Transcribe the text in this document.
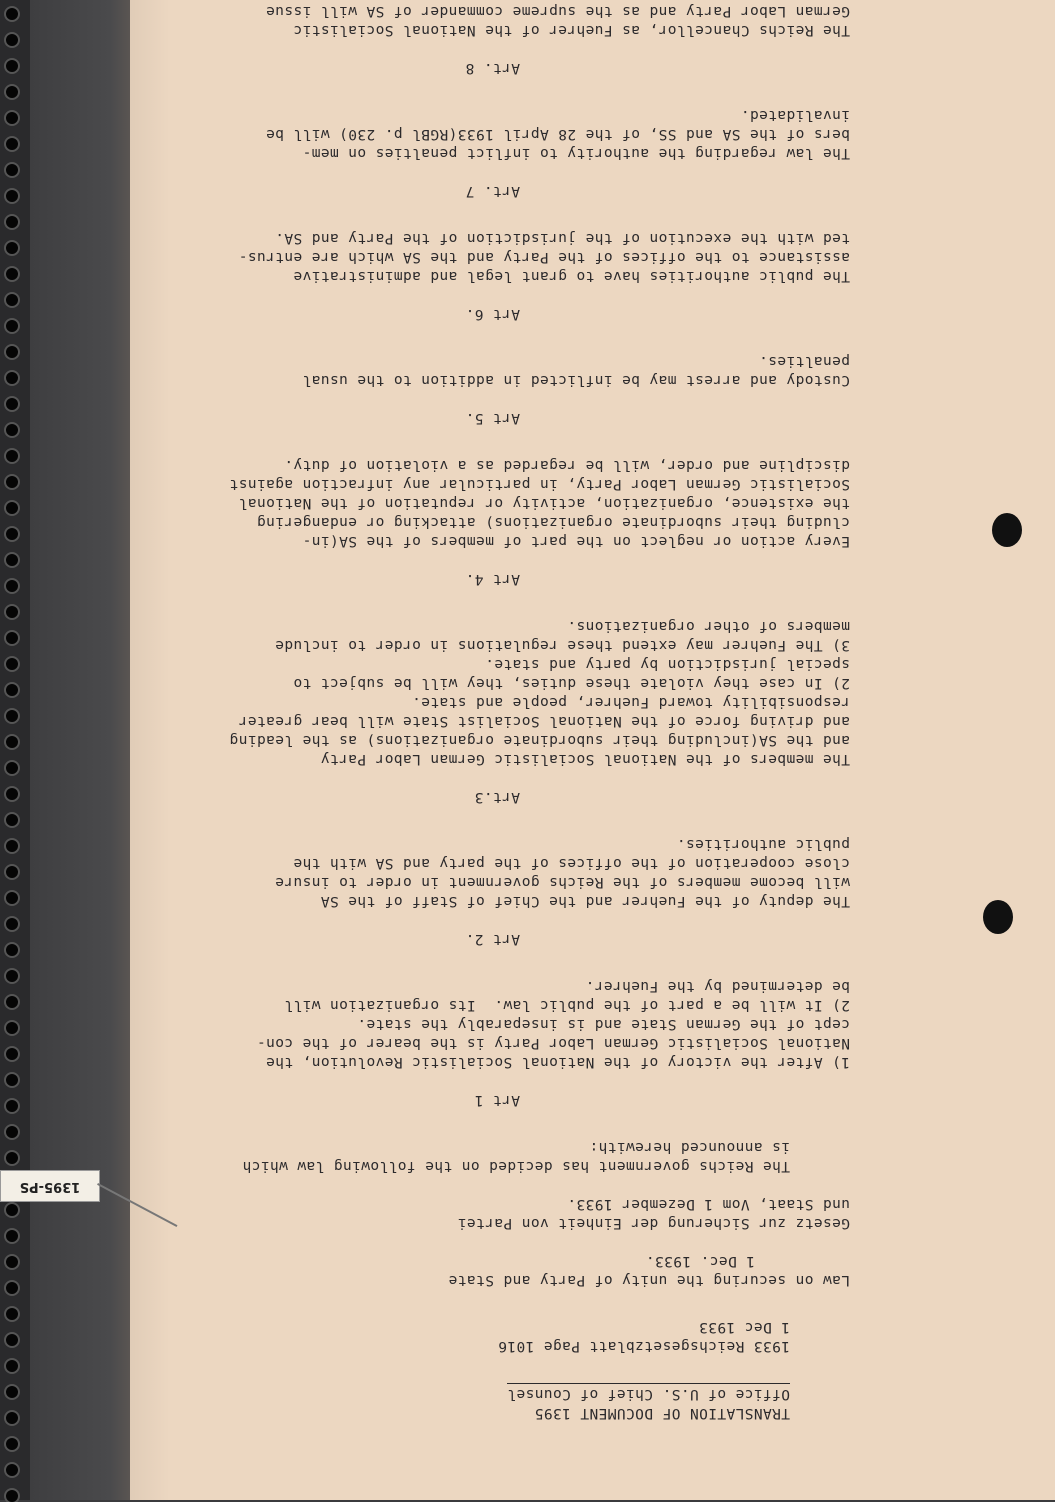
TRANSLATION OF DOCUMENT 1395

Office of U.S. Chief of Counsel

1933 Reichsgesetzblatt Page 1016

1 Dec 1933

Law on securing the unity of Party and State

1 Dec. 1933.

Gesetz zur Sicherung der Einheit von Partei

und Staat, Vom 1 Dezember 1933.

The Reichs government has decided on the following law which

is announced herewith:

Art 1

1) After the victory of the National Socialistic Revolution, the

National Socialistic German Labor Party is the bearer of the con-

cept of the German State and is inseparably the state.

2) It will be a part of the public law.  Its organization will

be determined by the Fuehrer.

Art 2.

The deputy of the Fuehrer and the Chief of Staff of the SA

will become members of the Reichs government in order to insure

close cooperation of the offices of the party and SA with the

public authorities.

Art.3

The members of the National Socialistic German Labor Party

and the SA(including their subordinate organizations) as the leading

and driving force of the National Socialist State will bear greater

responsibility toward Fuehrer, people and state.

2) In case they violate these duties, they will be subject to

special jurisdiction by party and state.

3) The Fuehrer may extend these regulations in order to include

members of other organizations.

Art 4.

Every action or neglect on the part of members of the SA(in-

cluding their subordinate organizations) attacking or endangering

the existence, organization, activity or reputation of the National

Socialistic German Labor Party, in particular any infraction against

discipline and order, will be regarded as a violation of duty.

Art 5.

Custody and arrest may be inflicted in addition to the usual

penalties.

Art 6.

The public authorities have to grant legal and administrative

assistance to the offices of the Party and the SA which are entrus-

ted with the execution of the jurisdiction of the Party and SA.

Art. 7

The law regarding the authority to inflict penalties on mem-

bers of the SA and SS, of the 28 April 1933(RGBl p. 230) will be

invalidated.

Art. 8

The Reichs Chancellor, as Fuehrer of the National Socialistic

German Labor Party and as the supreme commander of SA will issue

1395-PS
